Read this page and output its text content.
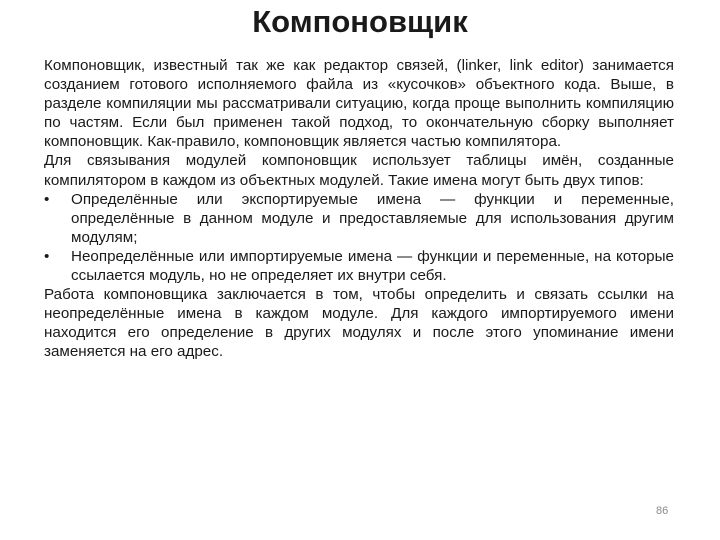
Компоновщик

Компоновщик, известный так же как редактор связей, (linker, link editor) занимается созданием готового исполняемого файла из «кусочков» объектного кода. Выше, в разделе компиляции мы рассматривали ситуацию, когда проще выполнить компиляцию по частям. Если был применен такой подход, то окончательную сборку выполняет компоновщик. Как-правило, компоновщик является частью компилятора.

Для связывания модулей компоновщик использует таблицы имён, созданные компилятором в каждом из объектных модулей. Такие имена могут быть двух типов:

•	Определённые или экспортируемые имена — функции и переменные, определённые в данном модуле и предоставляемые для использования другим модулям;
•	Неопределённые или импортируемые имена — функции и переменные, на которые ссылается модуль, но не определяет их внутри себя.

Работа компоновщика заключается в том, чтобы определить и связать ссылки на неопределённые имена в каждом модуле. Для каждого импортируемого имени находится его определение в других модулях и после этого упоминание имени заменяется на его адрес.

86
